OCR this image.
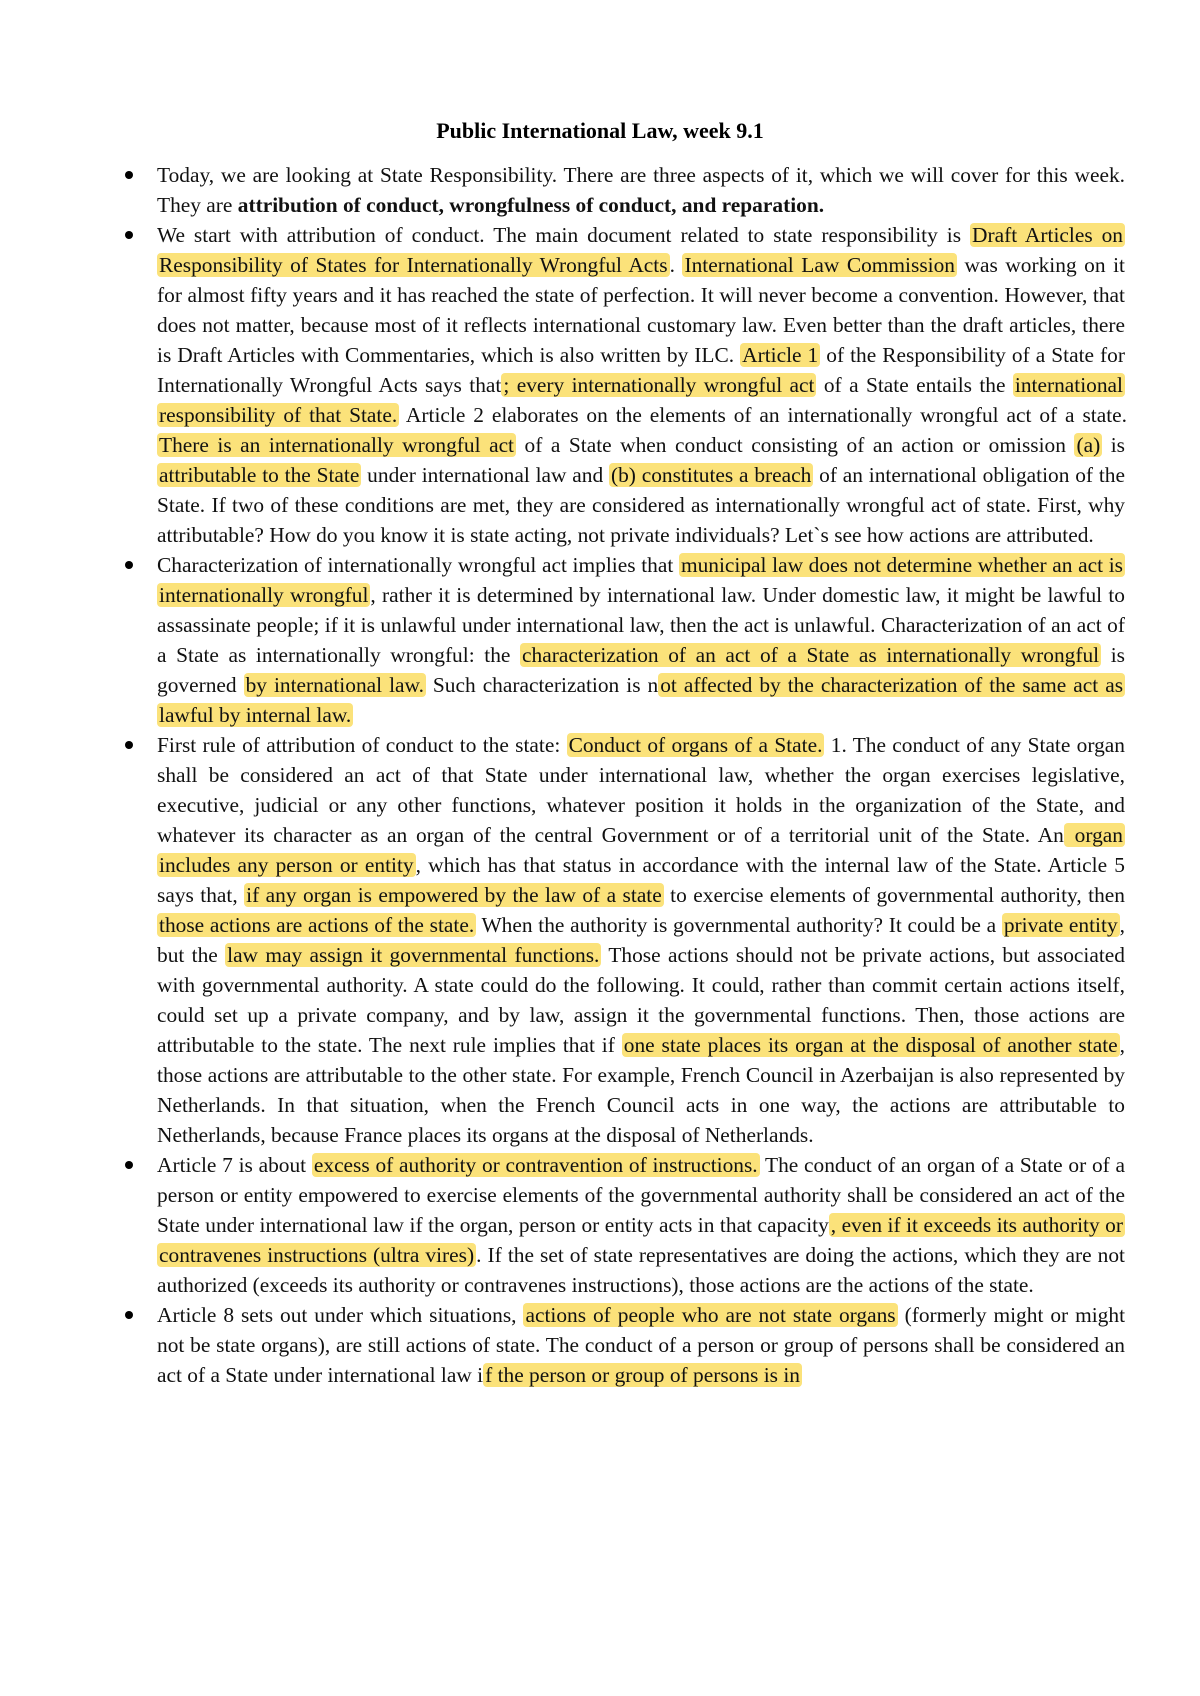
Public International Law, week 9.1
Today, we are looking at State Responsibility. There are three aspects of it, which we will cover for this week. They are attribution of conduct, wrongfulness of conduct, and reparation.
We start with attribution of conduct. The main document related to state responsibility is Draft Articles on Responsibility of States for Internationally Wrongful Acts. International Law Commission was working on it for almost fifty years and it has reached the state of perfection. It will never become a convention. However, that does not matter, because most of it reflects international customary law. Even better than the draft articles, there is Draft Articles with Commentaries, which is also written by ILC. Article 1 of the Responsibility of a State for Internationally Wrongful Acts says that; every internationally wrongful act of a State entails the international responsibility of that State. Article 2 elaborates on the elements of an internationally wrongful act of a state. There is an internationally wrongful act of a State when conduct consisting of an action or omission (a) is attributable to the State under international law and (b) constitutes a breach of an international obligation of the State. If two of these conditions are met, they are considered as internationally wrongful act of state. First, why attributable? How do you know it is state acting, not private individuals? Let`s see how actions are attributed.
Characterization of internationally wrongful act implies that municipal law does not determine whether an act is internationally wrongful, rather it is determined by international law. Under domestic law, it might be lawful to assassinate people; if it is unlawful under international law, then the act is unlawful. Characterization of an act of a State as internationally wrongful: the characterization of an act of a State as internationally wrongful is governed by international law. Such characterization is not affected by the characterization of the same act as lawful by internal law.
First rule of attribution of conduct to the state: Conduct of organs of a State. 1. The conduct of any State organ shall be considered an act of that State under international law, whether the organ exercises legislative, executive, judicial or any other functions, whatever position it holds in the organization of the State, and whatever its character as an organ of the central Government or of a territorial unit of the State. An organ includes any person or entity, which has that status in accordance with the internal law of the State. Article 5 says that, if any organ is empowered by the law of a state to exercise elements of governmental authority, then those actions are actions of the state. When the authority is governmental authority? It could be a private entity, but the law may assign it governmental functions. Those actions should not be private actions, but associated with governmental authority. A state could do the following. It could, rather than commit certain actions itself, could set up a private company, and by law, assign it the governmental functions. Then, those actions are attributable to the state. The next rule implies that if one state places its organ at the disposal of another state, those actions are attributable to the other state. For example, French Council in Azerbaijan is also represented by Netherlands. In that situation, when the French Council acts in one way, the actions are attributable to Netherlands, because France places its organs at the disposal of Netherlands.
Article 7 is about excess of authority or contravention of instructions. The conduct of an organ of a State or of a person or entity empowered to exercise elements of the governmental authority shall be considered an act of the State under international law if the organ, person or entity acts in that capacity, even if it exceeds its authority or contravenes instructions (ultra vires). If the set of state representatives are doing the actions, which they are not authorized (exceeds its authority or contravenes instructions), those actions are the actions of the state.
Article 8 sets out under which situations, actions of people who are not state organs (formerly might or might not be state organs), are still actions of state. The conduct of a person or group of persons shall be considered an act of a State under international law if the person or group of persons is in
